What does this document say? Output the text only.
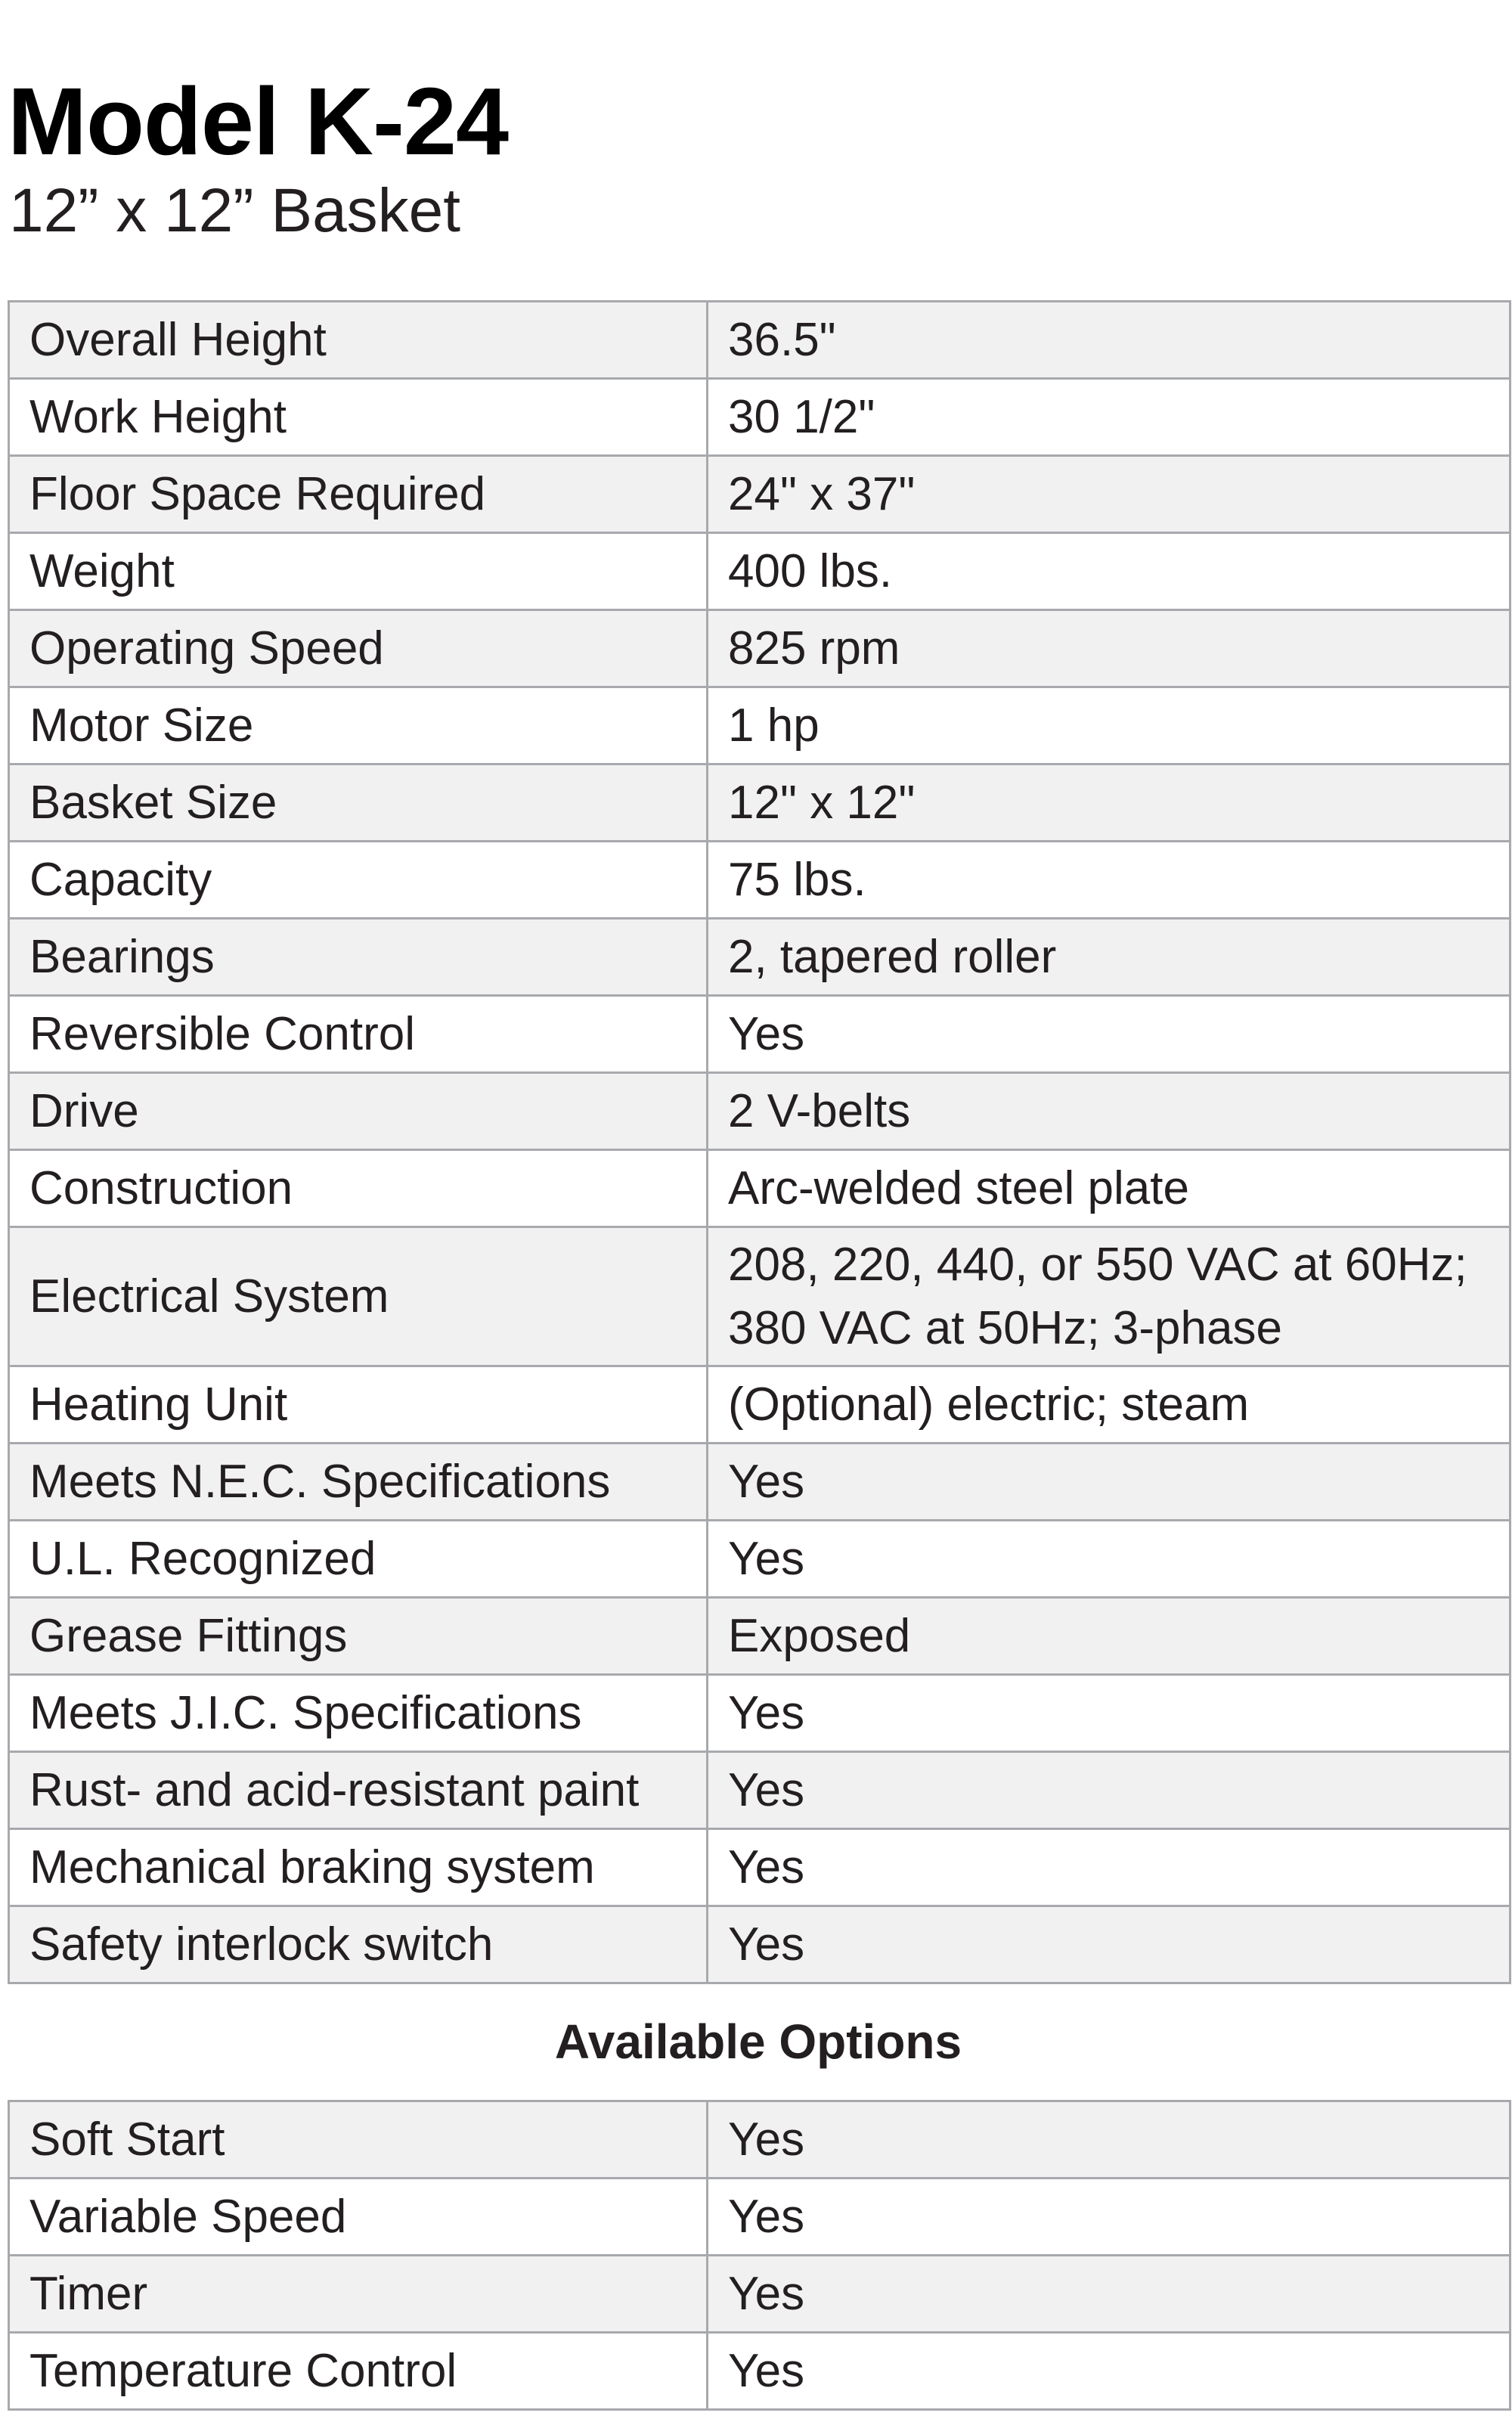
Model K-24
12” x 12” Basket
Overall Height	36.5"
Work Height	30 1/2"
Floor Space Required	24" x 37"
Weight	400 lbs.
Operating Speed	825 rpm
Motor Size	1 hp
Basket Size	12" x 12"
Capacity	75 lbs.
Bearings	2, tapered roller
Reversible Control	Yes
Drive	2 V-belts
Construction	Arc-welded steel plate
Electrical System	208, 220, 440, or 550 VAC at 60Hz; 380 VAC at 50Hz; 3-phase
Heating Unit	(Optional) electric; steam
Meets N.E.C. Specifications	Yes
U.L. Recognized	Yes
Grease Fittings	Exposed
Meets J.I.C. Specifications	Yes
Rust- and acid-resistant paint	Yes
Mechanical braking system	Yes
Safety interlock switch	Yes
Available Options
Soft Start	Yes
Variable Speed	Yes
Timer	Yes
Temperature Control	Yes
